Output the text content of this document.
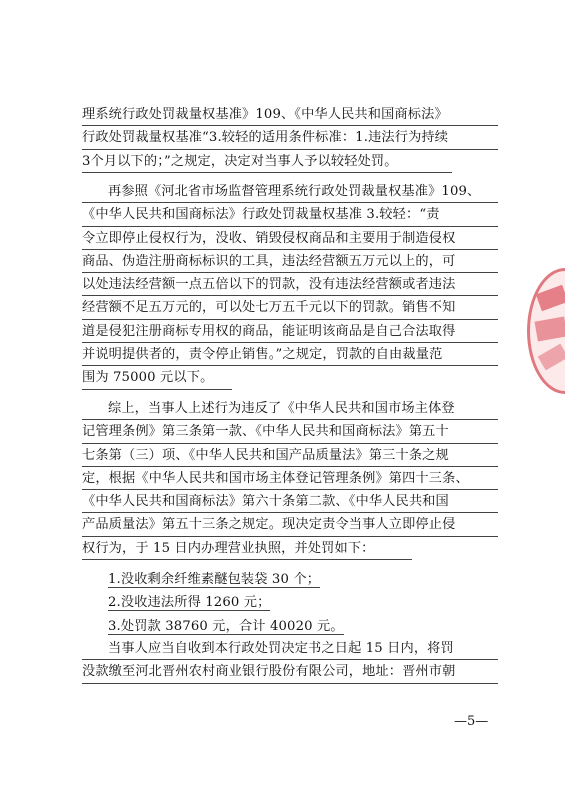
理系统行政处罚裁量权基准》109、《中华人民共和国商标法》
行政处罚裁量权基准“3.较轻的适用条件标准：1.违法行为持续
3个月以下的；”之规定，决定对当事人予以较轻处罚。
再参照《河北省市场监督管理系统行政处罚裁量权基准》109、
《中华人民共和国商标法》行政处罚裁量权基准 3.较轻：“责
令立即停止侵权行为，没收、销毁侵权商品和主要用于制造侵权
商品、伪造注册商标标识的工具，违法经营额五万元以上的，可
以处违法经营额一点五倍以下的罚款，没有违法经营额或者违法
经营额不足五万元的，可以处七万五千元以下的罚款。销售不知
道是侵犯注册商标专用权的商品，能证明该商品是自己合法取得
并说明提供者的，责令停止销售。”之规定，罚款的自由裁量范
围为 75000 元以下。
综上，当事人上述行为违反了《中华人民共和国市场主体登
记管理条例》第三条第一款、《中华人民共和国商标法》第五十
七条第（三）项、《中华人民共和国产品质量法》第三十条之规
定，根据《中华人民共和国市场主体登记管理条例》第四十三条、
《中华人民共和国商标法》第六十条第二款、《中华人民共和国
产品质量法》第五十三条之规定。现决定责令当事人立即停止侵
权行为，于 15 日内办理营业执照，并处罚如下：
1.没收剩余纤维素醚包装袋 30 个；
2.没收违法所得 1260 元；
3.处罚款 38760 元，合计 40020 元。
当事人应当自收到本行政处罚决定书之日起 15 日内，将罚
没款缴至河北晋州农村商业银行股份有限公司，地址：晋州市朝
—5—
